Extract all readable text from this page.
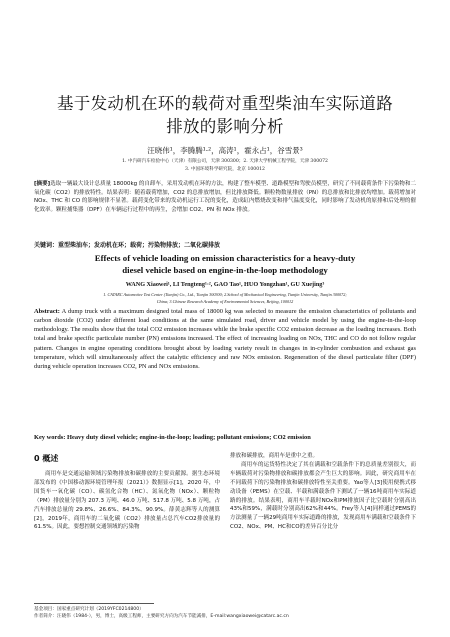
基于发动机在环的载荷对重型柴油车实际道路
排放的影响分析
汪晓伟¹，李腾腾¹·²，高涛¹，霍永占¹，谷雪景³
1. 中汽研汽车检验中心（天津）有限公司，天津 300300；2. 天津大学机械工程学院，天津 300072
3. 中国环境科学研究院，北京 100012
[摘要]选取一辆最大设计总质量 18000kg 的自卸车，采用发动机在环的方法，构建了整车模型、道路模型和驾驶员模型，研究了不同载荷条件下污染物和二氧化碳（CO2）的排放特性。结果表明：随着载荷增加，CO2 的总排放增加，但比排放降低。颗粒物数量排放（PN）的总排放和比排放均增加。载荷增加对 NOx、THC 和 CO 的影响规律不显著。载荷变化带来的发动机运行工况的变化，造成缸内燃烧改变和排气温度变化，同时影响了发动机的原排和后处理的催化效率。颗粒捕集器（DPF）在车辆运行过程中的再生，会增加 CO2、PN 和 NOx 排放。
关键词：重型柴油车；发动机在环；载荷；污染物排放；二氧化碳排放
Effects of vehicle loading on emission characteristics for a heavy-duty
diesel vehicle based on engine-in-the-loop methodology
WANG Xiaowei¹, LI Tengteng¹·², GAO Tao¹, HUO Yongzhan¹, GU Xuejing³
1. CATARC Automotive Test Center (Tianjin) Co., Ltd., Tianjin 300300; 2.School of Mechanical Engineering, Tianjin University, Tianjin 300072;
China; 3.Chinese Research Academy of Environmental Sciences, Beijing, 100012
Abstract: A dump truck with a maximum designed total mass of 18000 kg was selected to measure the emission characteristics of pollutants and carbon dioxide (CO2) under different load conditions at the same simulated road, driver and vehicle model by using the engine-in-the-loop methodology. The results show that the total CO2 emission increases while the brake specific CO2 emission decrease as the loading increases. Both total and brake specific particulate number (PN) emissions increased. The effect of increasing loading on NOx, THC and CO do not follow regular pattern. Changes in engine operating conditions brought about by loading variety result in changes in in-cylinder combustion and exhaust gas temperature, which will simultaneously affect the catalytic efficiency and raw NOx emission. Regeneration of the diesel particulate filter (DPF) during vehicle operation increases CO2, PN and NOx emissions.
Key words: Heavy duty diesel vehicle; engine-in-the-loop; loading; pollutant emissions; CO2 emission
0 概述

商用车是交通运输领域污染物排放和碳排放的主要贡献源。据生态环境部发布的《中国移动源环境管理年报（2021）》数据显示[1]，2020 年，中国货车一氧化碳（CO）、碳氢化合物（HC）、氮氧化物（NOx）、颗粒物（PM）排放量分别为 207.3 万吨、46.0 万吨、517.8 万吨、5.8 万吨，占汽车排放总量的 29.8%、26.6%、84.3%、90.9%。薛黄志辉等人的测算[2]，2019年，商用车的二氧化碳（CO2）排放量占总汽车CO2排放量的61.5%。因此，要想控制交通领域的污染物

排放和碳排放，商用车是重中之重。

商用车的运货特性决定了其在满载和空载条件下的总质量差别很大，而车辆载荷对污染物排放和碳排放都会产生巨大的影响。因此，研究商用车在不同载荷下的污染物排放和碳排放特性至关重要。Yao等人[3]使用便携式移动设备（PEMS）在空载、半载和满载条件下测试了一辆16吨商用车实际道路的排放。结果表明，商用车半载时NOx和PM排放因子比空载时分别高出43%和59%，满载时分别高出62%和44%。Frey等人[4]同样通过PEMS的方法测量了一辆29吨商用车实际道路的排放，发现商用车满载和空载条件下CO2、NOx、PM、HC和CO的差异百分比分

基金项目：国家重点研究计划（2019YFC0214800）
作者简介：汪晓伟（1984-），男，博士，高级工程师，主要研究方向为汽车节能减排，E-mail:wangxiaowei@catarc.ac.cn
